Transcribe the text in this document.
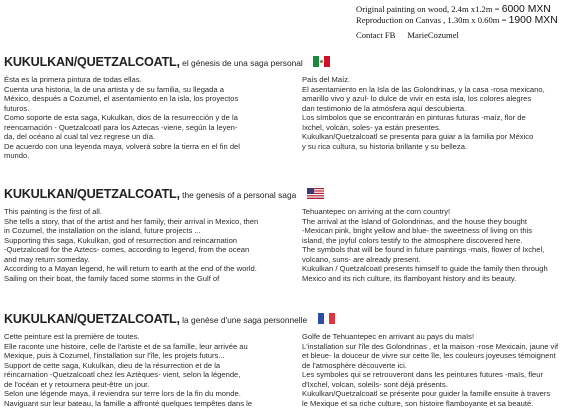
Original painting on wood, 2.4m x1.2m = 6000 MXN
Reproduction on Canvas , 1.30m x 0.60m = 1900 MXN
Contact FB MarieCozumel
KUKULKAN/QUETZALCOATL, el génesis de una saga personal

Ésta es la primera pintura de todas ellas.

Cuenta una historia, la de una artista y de su familia, su llegada a

México, después a Cozumel, el asentamiento en la isla, los proyectos

futuros.

Como soporte de esta saga, Kukulkan, dios de la resurrección y de la

reencarnación - Quetzalcoatl para los Aztecas -viene, según la leyen-

da, del océano al cual tal vez regrese un día.

De acuerdo con una leyenda maya, volverá sobre la tierra en el fin del

mundo.

País del Maíz.

El asentamiento en la Isla de las Golondrinas, y la casa -rosa mexicano,

amarillo vivo y azul- lo dulce de vivir en esta isla, los colores alegres

dan testimonio de la atmósfera aquí descubierta.

Los símbolos que se encontrarán en pinturas futuras -maíz, flor de

Ixchel, volcán, soles- ya están presentes.

Kukulkan/Quetzalcoatl se presenta para guiar a la familia por México

y su rica cultura, su historia brillante y su belleza.

KUKULKAN/QUETZALCOATL, the genesis of a personal saga

This painting is the first of all.

She tells a story, that of the artist and her family, their arrival in Mexico, then

in Cozumel, the installation on the island, future projects ...

Supporting this saga, Kukulkan, god of resurrection and reincarnation

-Quetzalcoatl for the Aztecs- comes, according to legend, from the ocean

and may return someday.

According to a Mayan legend, he will return to earth at the end of the world.

Sailing on their boat, the family faced some storms in the Gulf of

Tehuantepec on arriving at the corn country!

The arrival at the Island of Golondrinas, and the house they bought

-Mexican pink, bright yellow and blue- the sweetness of living on this

island, the joyful colors testify to the atmosphere discovered here.

The symbols that will be found in future paintings -maïs, flower of Ixchel,

volcano, suns- are already present.

Kukulkan / Quetzalcoatl presents himself to guide the family then through

Mexico and its rich culture, its flamboyant history and its beauty.

KUKULKAN/QUETZALCOATL, la genèse d'une saga personnelle

Cette peinture est la première de toutes.

Elle raconte une histoire, celle de l'artiste et de sa famille, leur arrivée au

Mexique, puis à Cozumel, l'installation sur l'île, les projets futurs...

Support de cette saga, Kukulkan, dieu de la résurrection et de la

réincarnation -Quetzalcoatl chez les Aztèques- vient, selon la légende,

de l'océan et y retournera peut-être un jour.

Selon une légende maya, il reviendra sur terre lors de la fin du monde.

Naviguant sur leur bateau, la famille a affronté quelques tempêtes dans le

Golfe de Tehuantepec en arrivant au pays du maïs!

L'installation sur l'île des Golondrinas , et la maison -rose Mexicain, jaune vif

et bleue- la douceur de vivre sur cette île, les couleurs joyeuses témoignent

de l'atmosphère découverte ici.

Les symboles qui se retrouveront dans les peintures futures -maïs, fleur

d'Ixchel, volcan, soleils- sont déjà présents.

Kukulkan/Quetzalcoatl se présente pour guider la famille ensuite à travers

le Mexique et sa riche culture, son histoire flamboyante et sa beauté.
